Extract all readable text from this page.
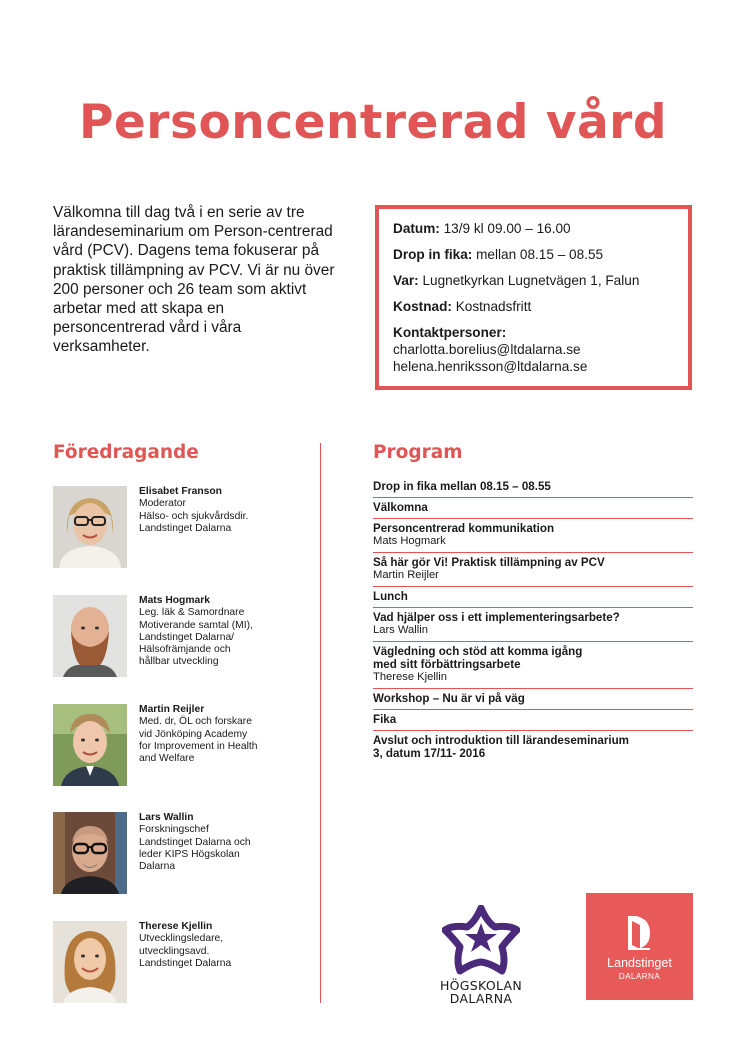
Personcentrerad vård

Välkomna till dag två i en serie av tre lärandeseminarium om Person-centrerad vård (PCV). Dagens tema fokuserar på praktisk tillämpning av PCV. Vi är nu över 200 personer och 26 team som aktivt arbetar med att skapa en personcentrerad vård i våra verksamheter.

Datum: 13/9 kl 09.00 – 16.00
Drop in fika: mellan 08.15 – 08.55
Var: Lugnetkyrkan Lugnetvägen 1, Falun
Kostnad: Kostnadsfritt
Kontaktpersoner:
charlotta.borelius@ltdalarna.se
helena.henriksson@ltdalarna.se
Föredragande	Program
Elisabet Franson
Moderator
Hälso- och sjukvårdsdir.
Landstinget Dalarna
Mats Hogmark
Leg. läk & Samordnare
Motiverande samtal (MI),
Landstinget Dalarna/
Hälsofrämjande och
hållbar utveckling
Martin Reijler
Med. dr, ÖL och forskare
vid Jönköping Academy
for Improvement in Health
and Welfare
Lars Wallin
Forskningschef
Landstinget Dalarna och
leder KIPS Högskolan
Dalarna
Therese Kjellin
Utvecklingsledare,
utvecklingsavd.
Landstinget Dalarna
Drop in fika mellan 08.15 – 08.55
Välkomna
Personcentrerad kommunikation
Mats Hogmark
Så här gör Vi! Praktisk tillämpning av PCV
Martin Reijler
Lunch
Vad hjälper oss i ett implementeringsarbete?
Lars Wallin
Vägledning och stöd att komma igång
med sitt förbättringsarbete
Therese Kjellin
Workshop – Nu är vi på väg
Fika
Avslut och introduktion till lärandeseminarium
3, datum 17/11- 2016
HÖGSKOLAN
DALARNA
Landstinget
DALARNA
